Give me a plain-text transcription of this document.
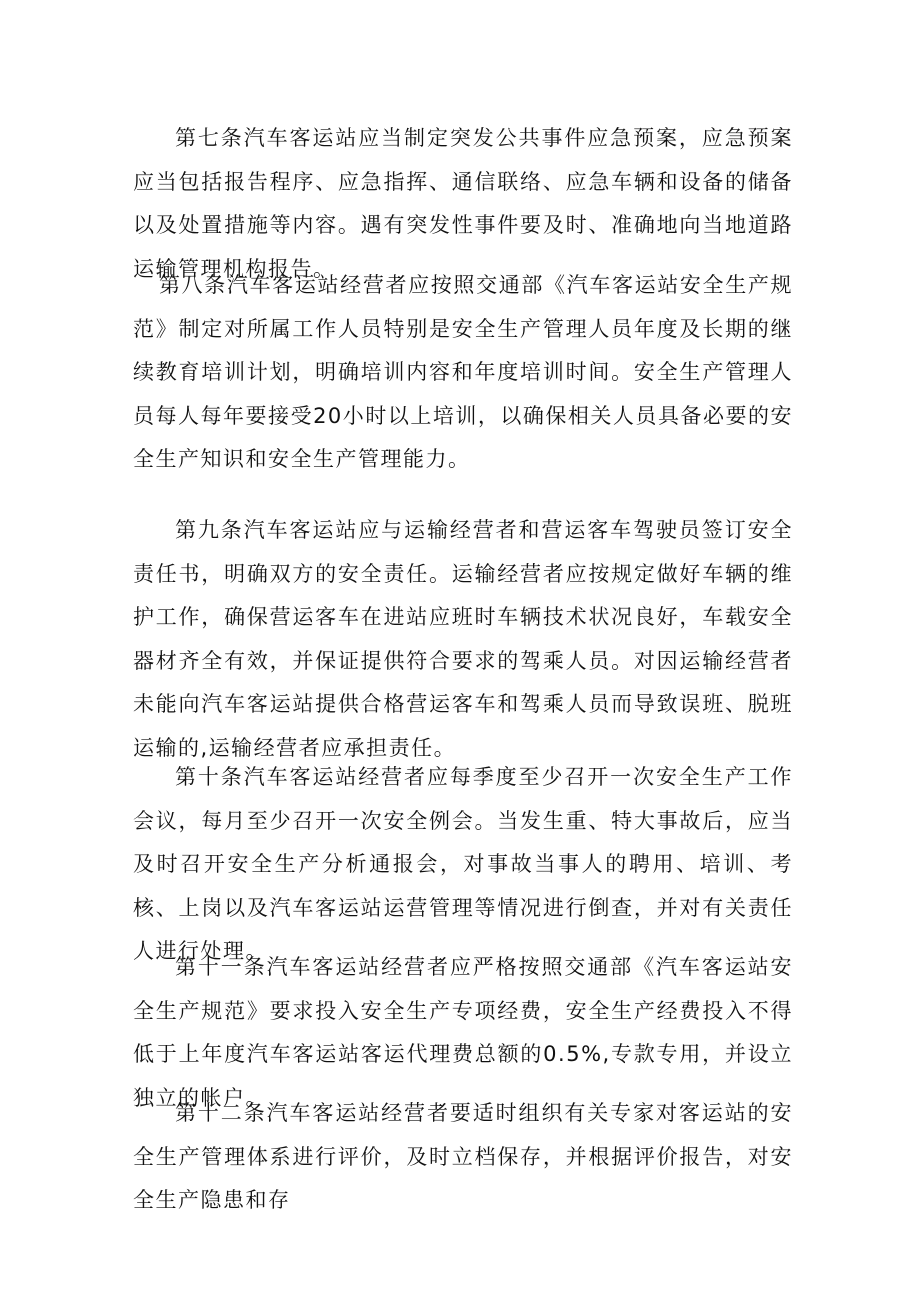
第七条汽车客运站应当制定突发公共事件应急预案，应急预案应当包括报告程序、应急指挥、通信联络、应急车辆和设备的储备以及处置措施等内容。遇有突发性事件要及时、准确地向当地道路运输管理机构报告。

第八条汽车客运站经营者应按照交通部《汽车客运站安全生产规范》制定对所属工作人员特别是安全生产管理人员年度及长期的继续教育培训计划，明确培训内容和年度培训时间。安全生产管理人员每人每年要接受20小时以上培训，以确保相关人员具备必要的安全生产知识和安全生产管理能力。

第九条汽车客运站应与运输经营者和营运客车驾驶员签订安全责任书，明确双方的安全责任。运输经营者应按规定做好车辆的维护工作，确保营运客车在进站应班时车辆技术状况良好，车载安全器材齐全有效，并保证提供符合要求的驾乘人员。对因运输经营者未能向汽车客运站提供合格营运客车和驾乘人员而导致误班、脱班运输的,运输经营者应承担责任。

第十条汽车客运站经营者应每季度至少召开一次安全生产工作会议，每月至少召开一次安全例会。当发生重、特大事故后，应当及时召开安全生产分析通报会，对事故当事人的聘用、培训、考核、上岗以及汽车客运站运营管理等情况进行倒查，并对有关责任人进行处理。

第十一条汽车客运站经营者应严格按照交通部《汽车客运站安全生产规范》要求投入安全生产专项经费，安全生产经费投入不得低于上年度汽车客运站客运代理费总额的0.5%,专款专用，并设立独立的帐户。

第十二条汽车客运站经营者要适时组织有关专家对客运站的安全生产管理体系进行评价，及时立档保存，并根据评价报告，对安全生产隐患和存
